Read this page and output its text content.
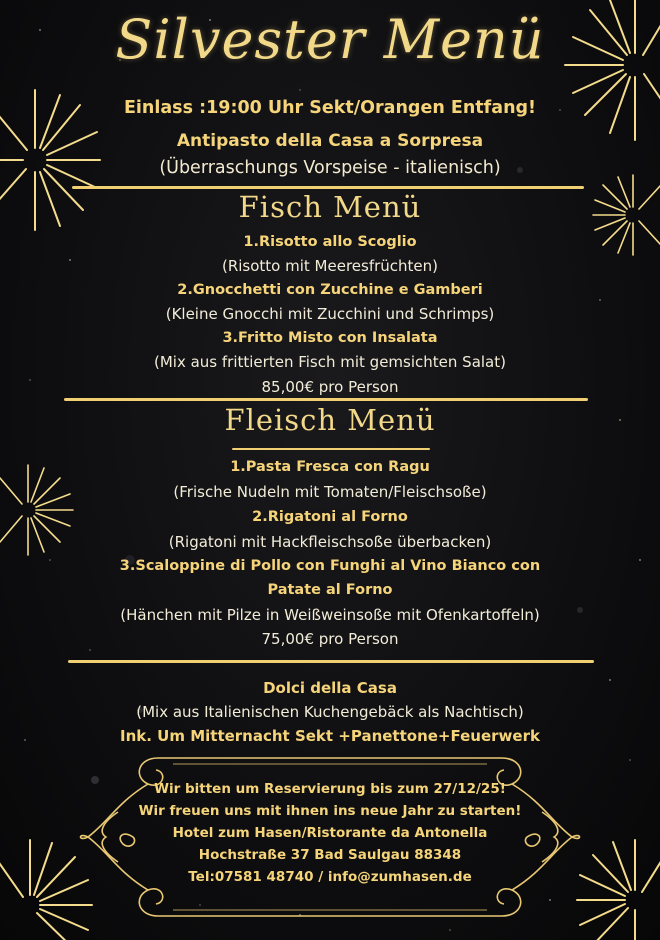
Silvester Menü
Einlass :19:00 Uhr Sekt/Orangen Entfang!
Antipasto della Casa a Sorpresa
(Überraschungs Vorspeise - italienisch)
Fisch Menü
1.Risotto allo Scoglio
(Risotto mit Meeresfrüchten)
2.Gnocchetti con Zucchine e Gamberi
(Kleine Gnocchi mit Zucchini und Schrimps)
3.Fritto Misto con Insalata
(Mix aus frittierten Fisch mit gemsichten Salat)
85,00€ pro Person
Fleisch Menü
1.Pasta Fresca con Ragu
(Frische Nudeln mit Tomaten/Fleischsoße)
2.Rigatoni al Forno
(Rigatoni mit Hackfleischsoße überbacken)
3.Scaloppine di Pollo con Funghi al Vino Bianco con
Patate al Forno
(Hänchen mit Pilze in Weißweinsoße mit Ofenkartoffeln)
75,00€ pro Person
Dolci della Casa
(Mix aus Italienischen Kuchengebäck als Nachtisch)
Ink. Um Mitternacht Sekt +Panettone+Feuerwerk
Wir bitten um Reservierung bis zum 27/12/25!
Wir freuen uns mit ihnen ins neue Jahr zu starten!
Hotel zum Hasen/Ristorante da Antonella
Hochstraße 37 Bad Saulgau 88348
Tel:07581 48740 / info@zumhasen.de
